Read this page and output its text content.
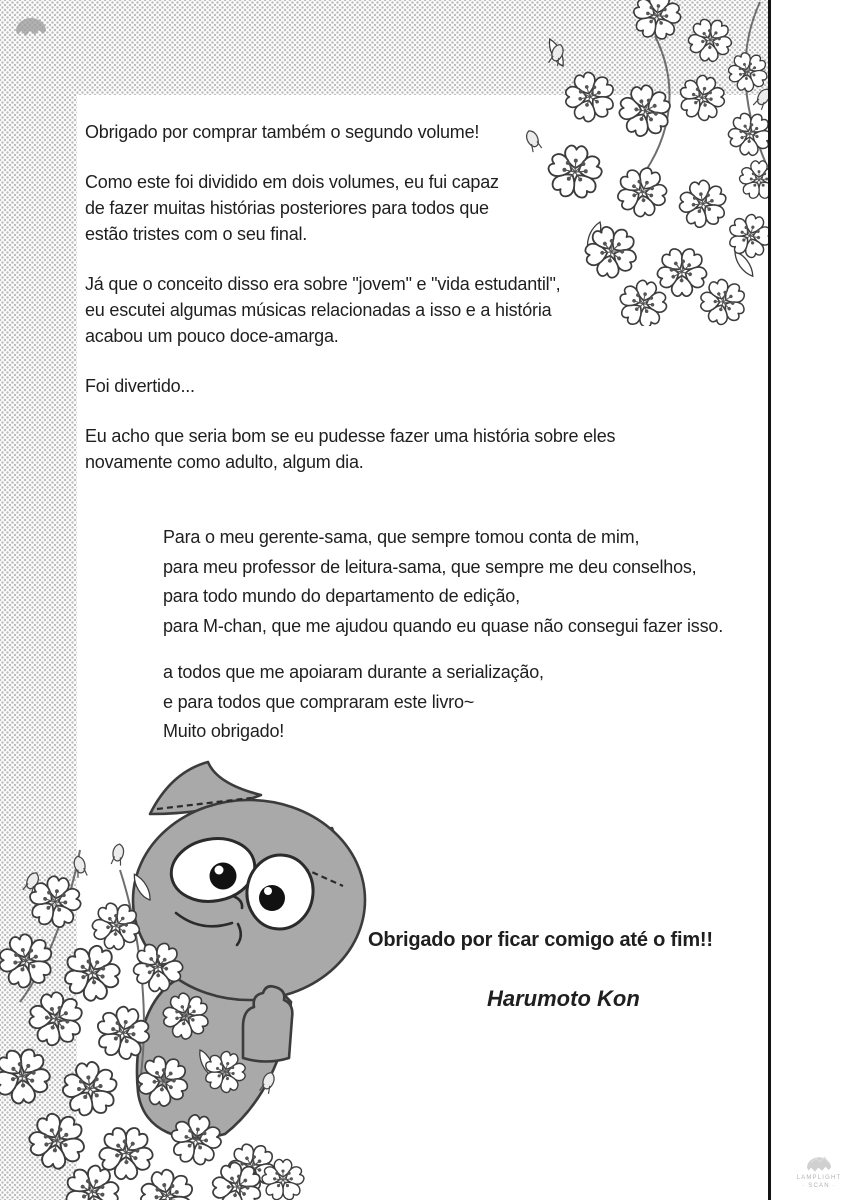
Obrigado por comprar também o segundo volume!
Como este foi dividido em dois volumes, eu fui capaz
de fazer muitas histórias posteriores para todos que
estão tristes com o seu final.
Já que o conceito disso era sobre "jovem" e "vida estudantil",
eu escutei algumas músicas relacionadas a isso e a história
acabou um pouco doce-amarga.
Foi divertido...
Eu acho que seria bom se eu pudesse fazer uma história sobre eles
novamente como adulto, algum dia.
Para o meu gerente-sama, que sempre tomou conta de mim,
para meu professor de leitura-sama, que sempre me deu conselhos,
para todo mundo do departamento de edição,
para M-chan, que me ajudou quando eu quase não consegui fazer isso.
a todos que me apoiaram durante a serialização,
e para todos que compraram este livro~
Muito obrigado!
Obrigado por ficar comigo até o fim!!
Harumoto Kon
LAMPLIGHT
· SCAN ·
